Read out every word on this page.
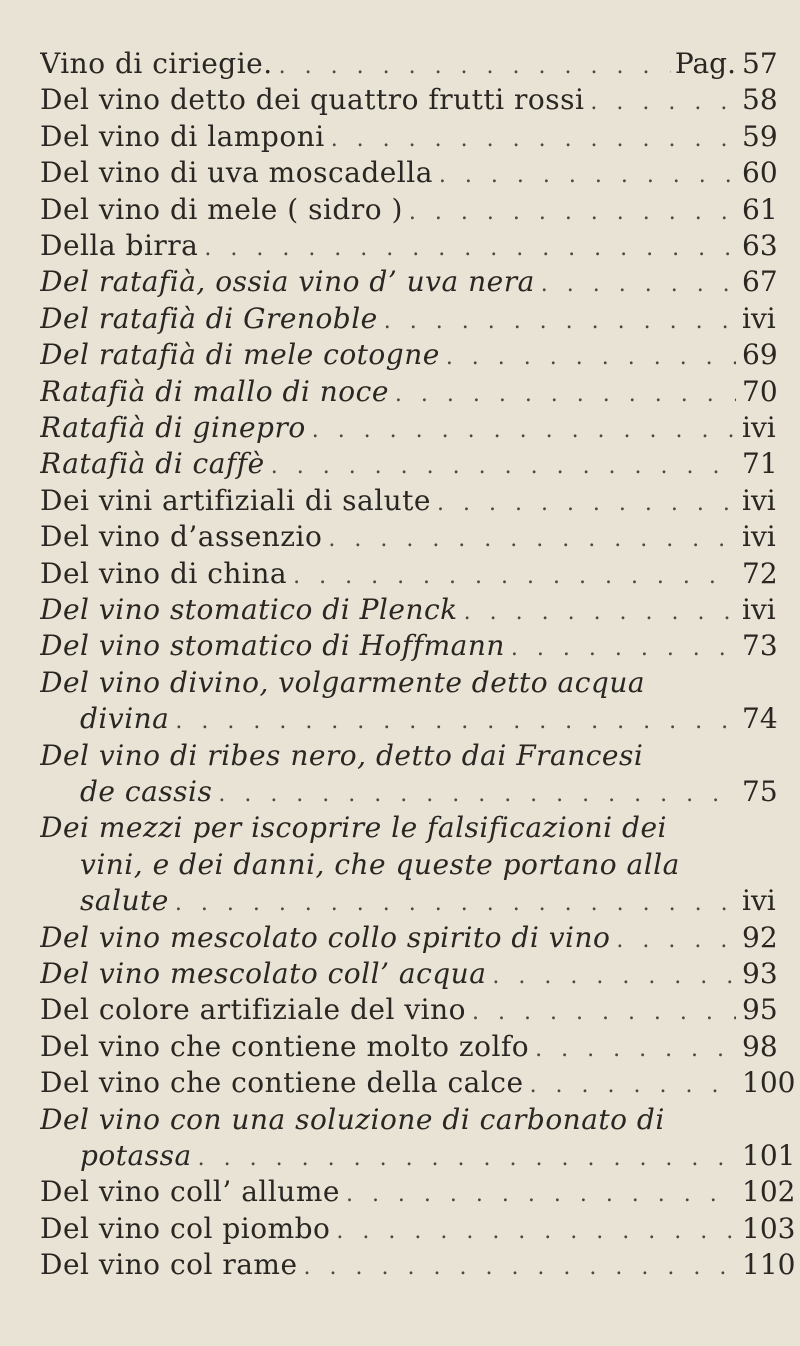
Vino di ciriegie. . . .	Pag. 57
Del vino detto dei quattro frutti rossi . . .	58
Del vino di lamponi . . .	59
Del vino di uva moscadella . . .	60
Del vino di mele ( sidro ) . . .	61
Della birra . . .	63
Del ratafià, ossia vino d’ uva nera . . .	67
Del ratafià di Grenoble . . .	ivi
Del ratafià di mele cotogne . . .	69
Ratafià di mallo di noce . . .	70
Ratafià di ginepro . . .	ivi
Ratafià di caffè . . .	71
Dei vini artifiziali di salute . . .	ivi
Del vino d’assenzio . . .	ivi
Del vino di china . . .	72
Del vino stomatico di Plenck . . .	ivi
Del vino stomatico di Hoffmann . . .	73
Del vino divino, volgarmente detto acqua
divina . . .	74
Del vino di ribes nero, detto dai Francesi
de cassis . . .	75
Dei mezzi per iscoprire le falsificazioni dei
vini, e dei danni, che queste portano alla
salute . . .	ivi
Del vino mescolato collo spirito di vino . . .	92
Del vino mescolato coll’ acqua . . .	93
Del colore artifiziale del vino . . .	95
Del vino che contiene molto zolfo . . .	98
Del vino che contiene della calce . . .	100
Del vino con una soluzione di carbonato di
potassa . . .	101
Del vino coll’ allume . . .	102
Del vino col piombo . . .	103
Del vino col rame . . .	110
